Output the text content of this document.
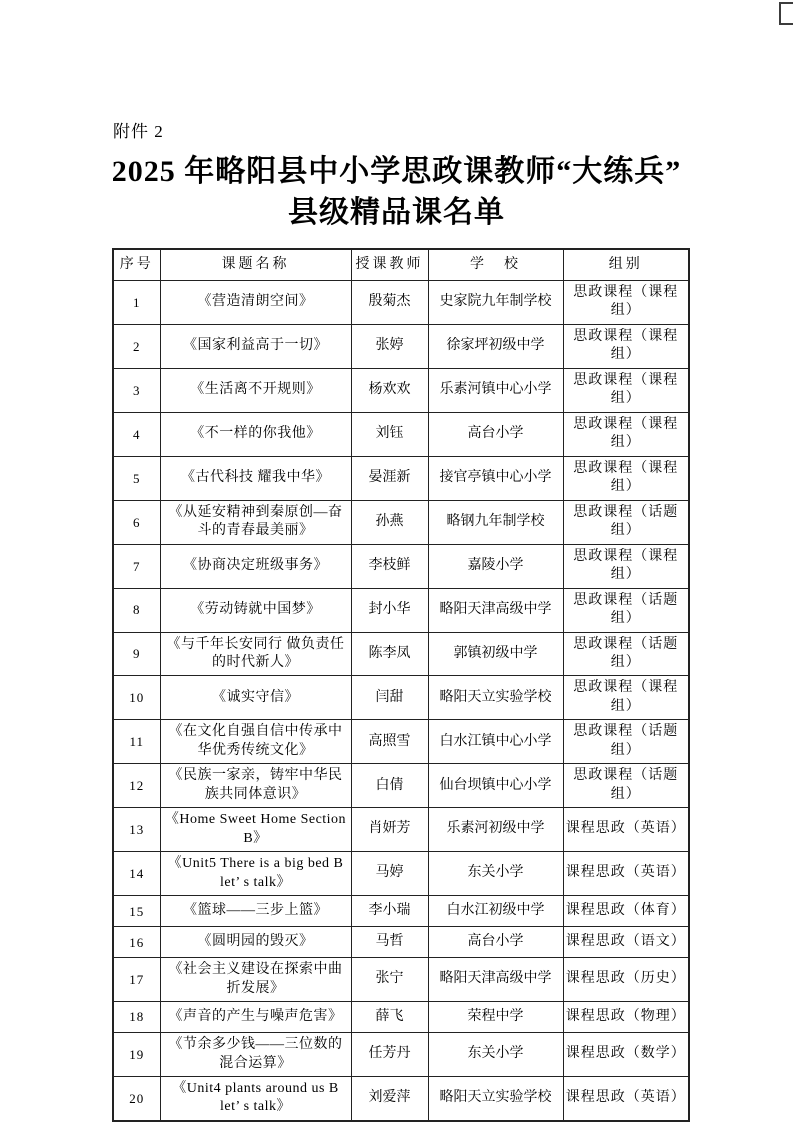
附件 2
2025 年略阳县中小学思政课教师“大练兵”
县级精品课名单
序号	课题名称	授课教师	学　校	组别
1	《营造清朗空间》	殷菊杰	史家院九年制学校	思政课程（课程组）
2	《国家利益高于一切》	张婷	徐家坪初级中学	思政课程（课程组）
3	《生活离不开规则》	杨欢欢	乐素河镇中心小学	思政课程（课程组）
4	《不一样的你我他》	刘钰	高台小学	思政课程（课程组）
5	《古代科技 耀我中华》	晏涯新	接官亭镇中心小学	思政课程（课程组）
6	《从延安精神到秦原创—奋斗的青春最美丽》	孙燕	略钢九年制学校	思政课程（话题组）
7	《协商决定班级事务》	李枝鲜	嘉陵小学	思政课程（课程组）
8	《劳动铸就中国梦》	封小华	略阳天津高级中学	思政课程（话题组）
9	《与千年长安同行 做负责任的时代新人》	陈李凤	郭镇初级中学	思政课程（话题组）
10	《诚实守信》	闫甜	略阳天立实验学校	思政课程（课程组）
11	《在文化自强自信中传承中华优秀传统文化》	高照雪	白水江镇中心小学	思政课程（话题组）
12	《民族一家亲，铸牢中华民族共同体意识》	白倩	仙台坝镇中心小学	思政课程（话题组）
13	《Home Sweet Home Section B》	肖妍芳	乐素河初级中学	课程思政（英语）
14	《Unit5 There is a big bed B let’ s talk》	马婷	东关小学	课程思政（英语）
15	《篮球——三步上篮》	李小瑞	白水江初级中学	课程思政（体育）
16	《圆明园的毁灭》	马哲	高台小学	课程思政（语文）
17	《社会主义建设在探索中曲折发展》	张宁	略阳天津高级中学	课程思政（历史）
18	《声音的产生与噪声危害》	薛飞	荣程中学	课程思政（物理）
19	《节余多少钱——三位数的混合运算》	任芳丹	东关小学	课程思政（数学）
20	《Unit4 plants around us B let’ s talk》	刘爱萍	略阳天立实验学校	课程思政（英语）
